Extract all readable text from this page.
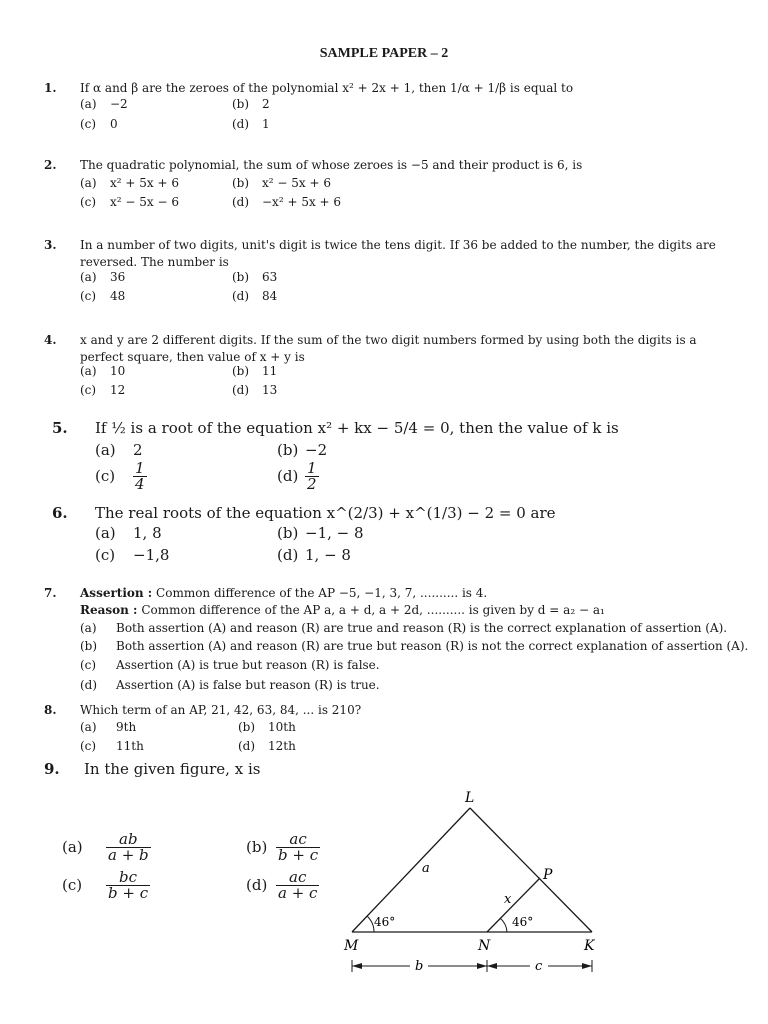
SAMPLE PAPER – 2
1. If α and β are the zeroes of the polynomial x² + 2x + 1, then 1/α + 1/β is equal to
(a) −2	(b) 2
(c) 0	(d) 1
2. The quadratic polynomial, the sum of whose zeroes is −5 and their product is 6, is
(a) x² + 5x + 6	(b) x² − 5x + 6
(c) x² − 5x − 6	(d) −x² + 5x + 6
3. In a number of two digits, unit's digit is twice the tens digit. If 36 be added to the number, the digits are reversed. The number is
(a) 36	(b) 63
(c) 48	(d) 84
4. x and y are 2 different digits. If the sum of the two digit numbers formed by using both the digits is a perfect square, then value of x + y is
(a) 10	(b) 11
(c) 12	(d) 13
5. If ½ is a root of the equation x² + kx − 5/4 = 0, then the value of k is
(a) 2	(b) −2
$(c) \frac{1}{4}$	$(d) \frac{1}{2}$
6. The real roots of the equation x^(2/3) + x^(1/3) − 2 = 0 are
(a) 1, 8	(b) −1, − 8
(c) −1,8	(d) 1, − 8
7. Assertion : Common difference of the AP −5, −1, 3, 7, .......... is 4.
Reason : Common difference of the AP a, a + d, a + 2d, .......... is given by d = a₂ − a₁
(a) Both assertion (A) and reason (R) are true and reason (R) is the correct explanation of assertion (A).
(b) Both assertion (A) and reason (R) are true but reason (R) is not the correct explanation of assertion (A).
(c) Assertion (A) is true but reason (R) is false.
(d) Assertion (A) is false but reason (R) is true.
8. Which term of an AP, 21, 42, 63, 84, ... is 210?
(a) 9th	(b) 10th
(c) 11th	(d) 12th
9. In the given figure, x is
$(a) \frac{ab}{a + b}$	$(b) \frac{ac}{b + c}$
$(c) \frac{bc}{b + c}$	$(d) \frac{ac}{a + c}$
L
P
M	N	K
a
x
46°	46°
b	c
